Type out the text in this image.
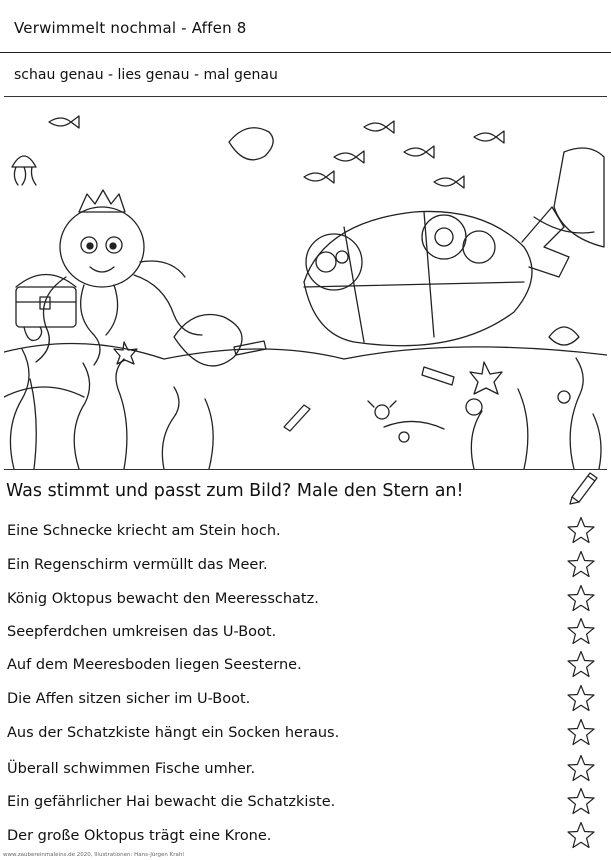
Verwimmelt nochmal - Affen 8
schau genau - lies genau - mal genau
Was stimmt und passt zum Bild? Male den Stern an!
Eine Schnecke kriecht am Stein hoch.
Ein Regenschirm vermüllt das Meer.
König Oktopus bewacht den Meeresschatz.
Seepferdchen umkreisen das U-Boot.
Auf dem Meeresboden liegen Seesterne.
Die Affen sitzen sicher im U-Boot.
Aus der Schatzkiste hängt ein Socken heraus.
Überall schwimmen Fische umher.
Ein gefährlicher Hai bewacht die Schatzkiste.
Der große Oktopus trägt eine Krone.
www.zaubereinmaleins.de 2020, Illustrationen: Hans-Jürgen Krahl
